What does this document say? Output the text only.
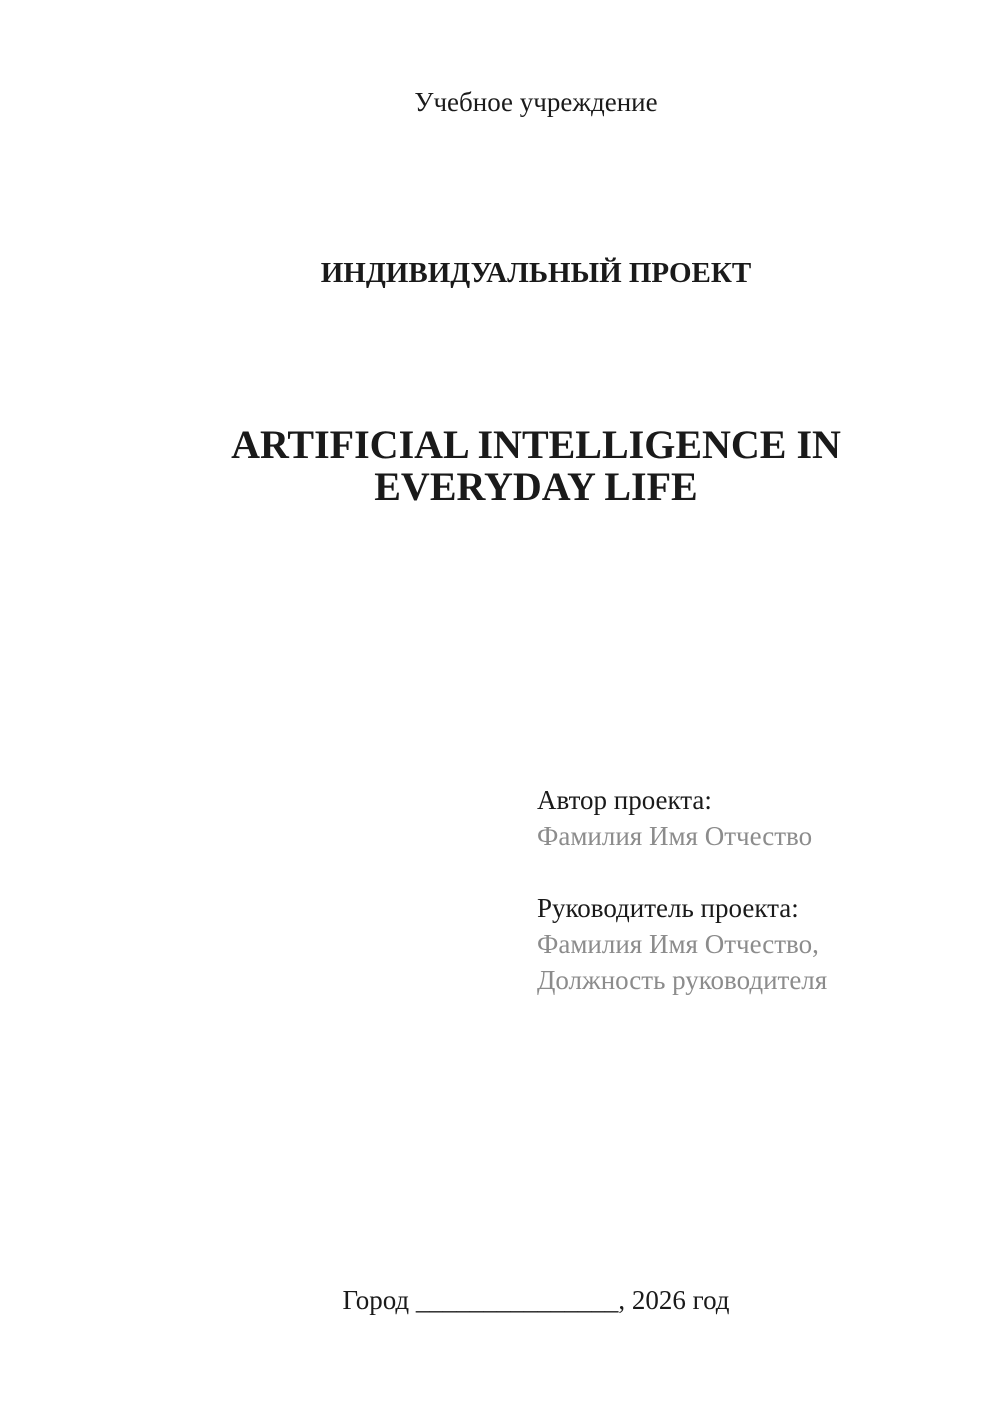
Учебное учреждение
ИНДИВИДУАЛЬНЫЙ ПРОЕКТ
ARTIFICIAL INTELLIGENCE IN
EVERYDAY LIFE
Автор проекта:
Фамилия Имя Отчество
Руководитель проекта:
Фамилия Имя Отчество,
Должность руководителя
Город _______________, 2026 год
